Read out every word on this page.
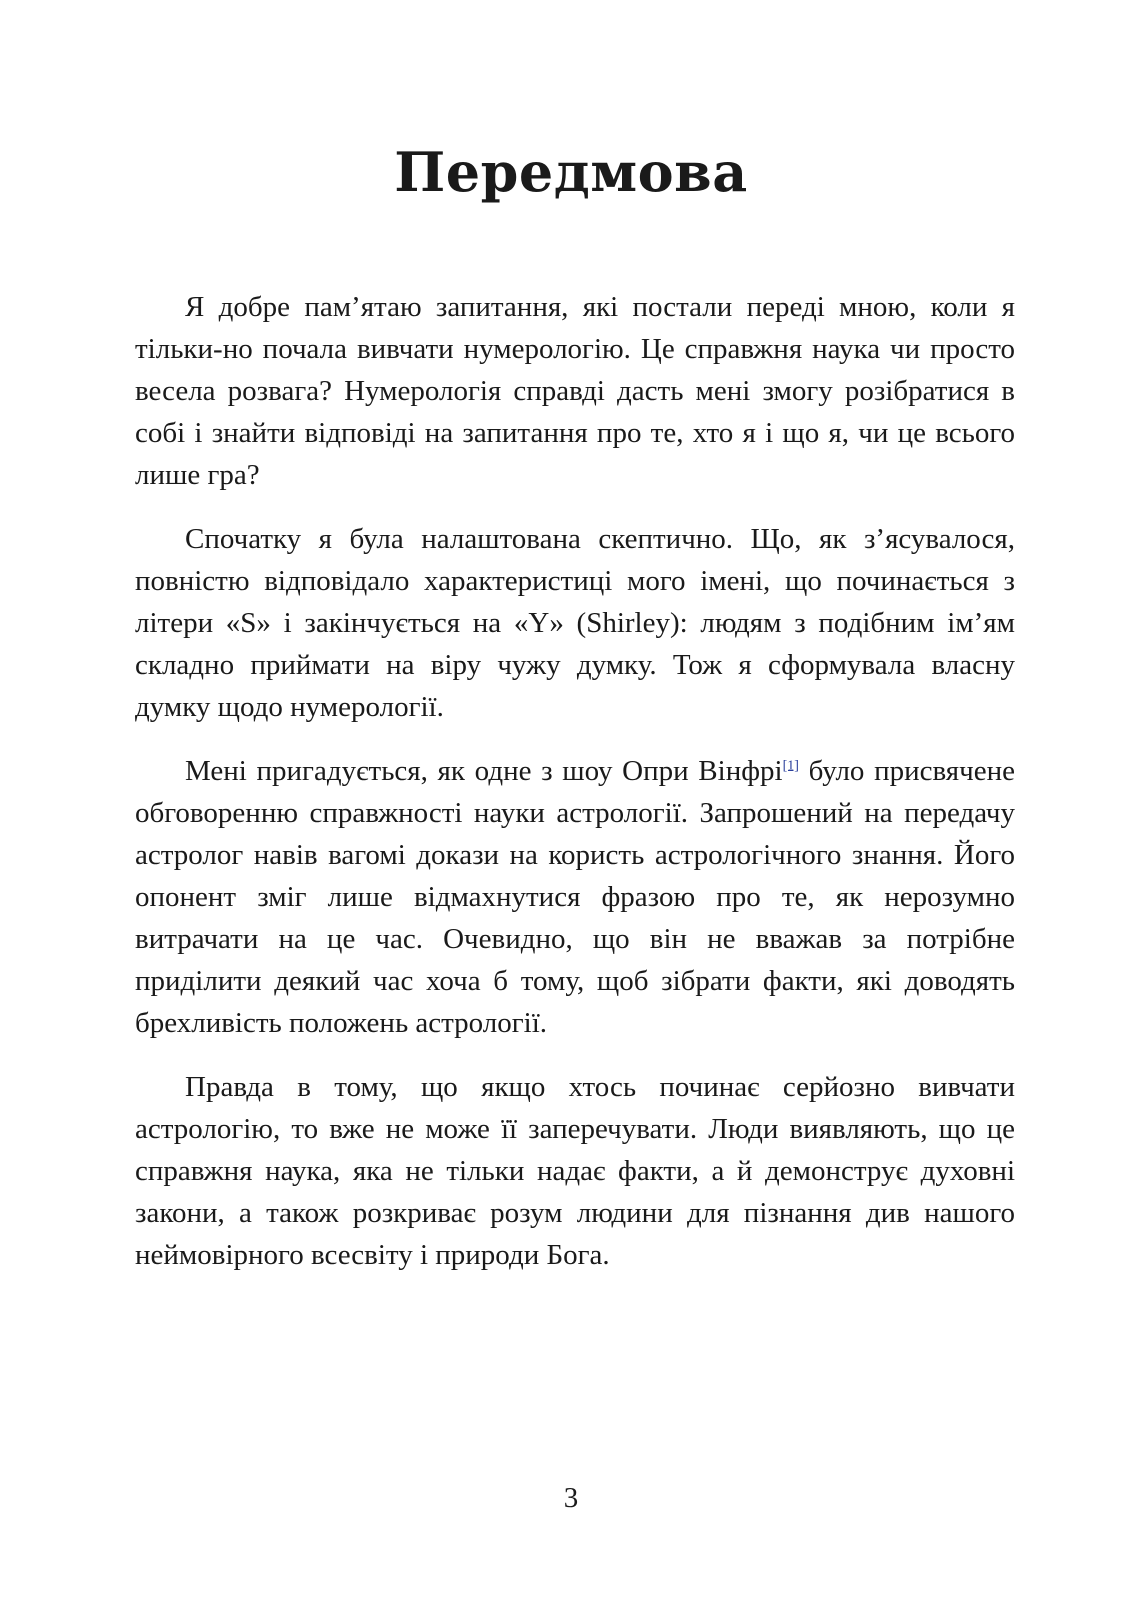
Передмова

Я добре пам’ятаю запитання, які постали переді мною, коли я тільки-но почала вивчати нумерологію. Це справжня наука чи просто весела розвага? Нумерологія справді дасть мені змогу розібратися в собі і знайти відповіді на запитання про те, хто я і що я, чи це всього лише гра?

Спочатку я була налаштована скептично. Що, як з’ясувалося, повністю відповідало характеристиці мого імені, що починається з літери «S» і закінчується на «Y» (Shirley): людям з подібним ім’ям складно приймати на віру чужу думку. Тож я сформувала власну думку щодо нумерології.

Мені пригадується, як одне з шоу Опри Вінфрі[1] було присвячене обговоренню справжності науки астрології. Запрошений на передачу астролог навів вагомі докази на користь астрологічного знання. Його опонент зміг лише відмахнутися фразою про те, як нерозумно витрачати на це час. Очевидно, що він не вважав за потрібне приділити деякий час хоча б тому, щоб зібрати факти, які доводять брехливість положень астрології.

Правда в тому, що якщо хтось починає серйозно вивчати астрологію, то вже не може її заперечувати. Люди виявляють, що це справжня наука, яка не тільки надає факти, а й демонструє духовні закони, а також розкриває розум людини для пізнання див нашого неймовірного всесвіту і природи Бога.

3
